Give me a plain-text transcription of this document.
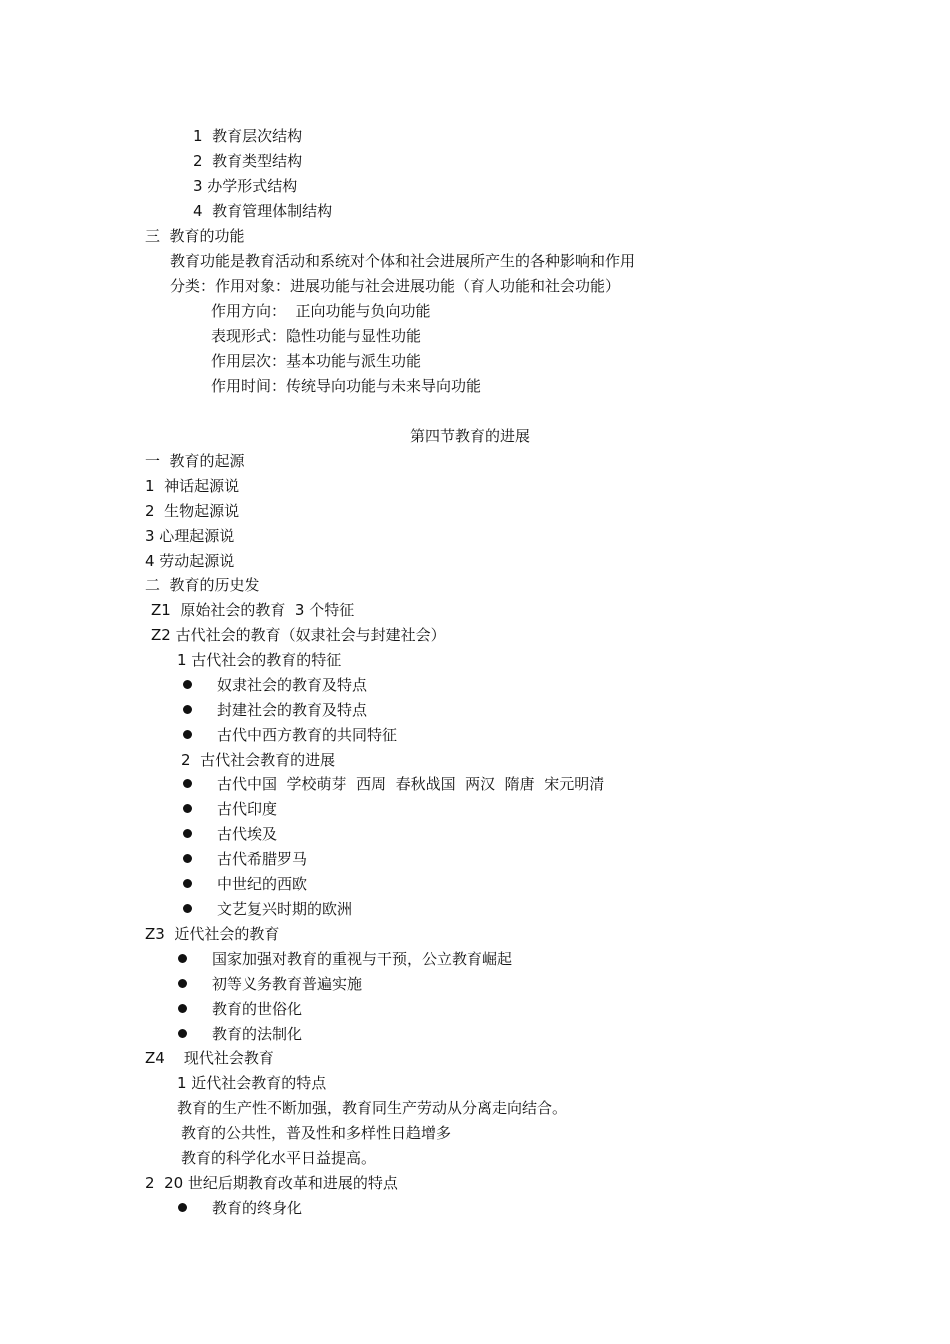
1  教育层次结构
2  教育类型结构
3 办学形式结构
4  教育管理体制结构
三  教育的功能
教育功能是教育活动和系统对个体和社会进展所产生的各种影响和作用
分类：作用对象：进展功能与社会进展功能（育人功能和社会功能）
作用方向：  正向功能与负向功能
表现形式：隐性功能与显性功能
作用层次：基本功能与派生功能
作用时间：传统导向功能与未来导向功能
第四节教育的进展
一  教育的起源
1  神话起源说
2  生物起源说
3 心理起源说
4 劳动起源说
二  教育的历史发
Z1  原始社会的教育  3 个特征
Z2 古代社会的教育（奴隶社会与封建社会）
1 古代社会的教育的特征
奴隶社会的教育及特点
封建社会的教育及特点
古代中西方教育的共同特征
2  古代社会教育的进展
古代中国  学校萌芽  西周  春秋战国  两汉  隋唐  宋元明清
古代印度
古代埃及
古代希腊罗马
中世纪的西欧
文艺复兴时期的欧洲
Z3  近代社会的教育
国家加强对教育的重视与干预，公立教育崛起
初等义务教育普遍实施
教育的世俗化
教育的法制化
Z4    现代社会教育
1 近代社会教育的特点
教育的生产性不断加强，教育同生产劳动从分离走向结合。
教育的公共性，普及性和多样性日趋增多
教育的科学化水平日益提高。
2  20 世纪后期教育改革和进展的特点
教育的终身化
